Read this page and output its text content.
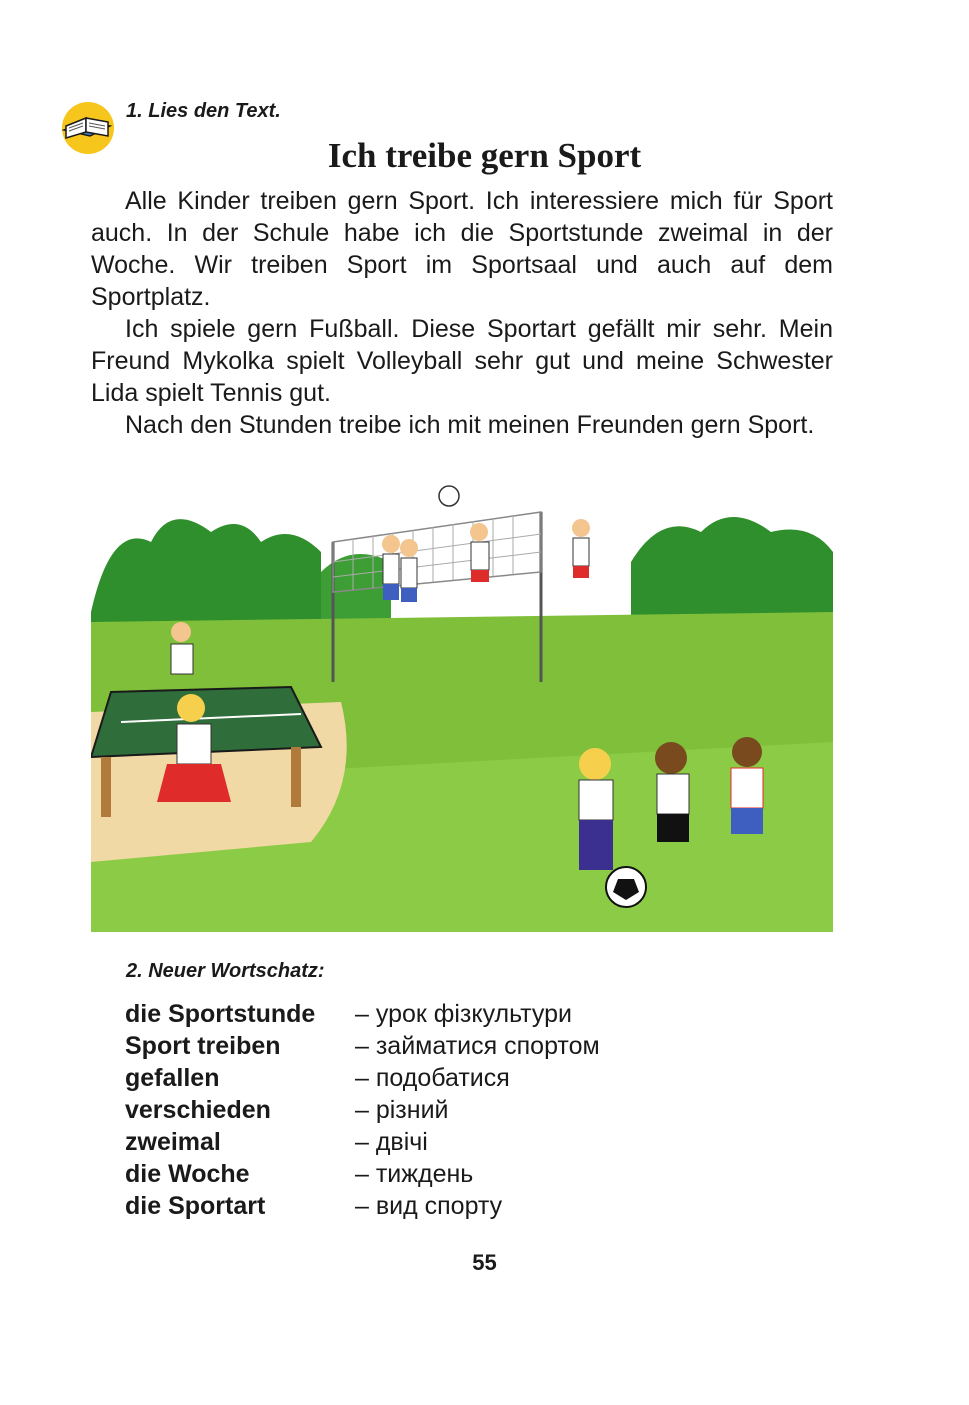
1. Lies den Text.
Ich treibe gern Sport

Alle Kinder treiben gern Sport. Ich interessiere mich für Sport auch. In der Schule habe ich die Sportstunde zweimal in der Woche. Wir treiben Sport im Sportsaal und auch auf dem Sportplatz.

Ich spiele gern Fußball. Diese Sportart gefällt mir sehr. Mein Freund Mykolka spielt Volleyball sehr gut und meine Schwester Lida spielt Tennis gut.

Nach den Stunden treibe ich mit meinen Freunden gern Sport.

2. Neuer Wortschatz:
die Sportstunde	– урок фізкультури
Sport treiben	– займатися спортом
gefallen	– подобатися
verschieden	– різний
zweimal	– двічі
die Woche	– тиждень
die Sportart	– вид спорту
55
